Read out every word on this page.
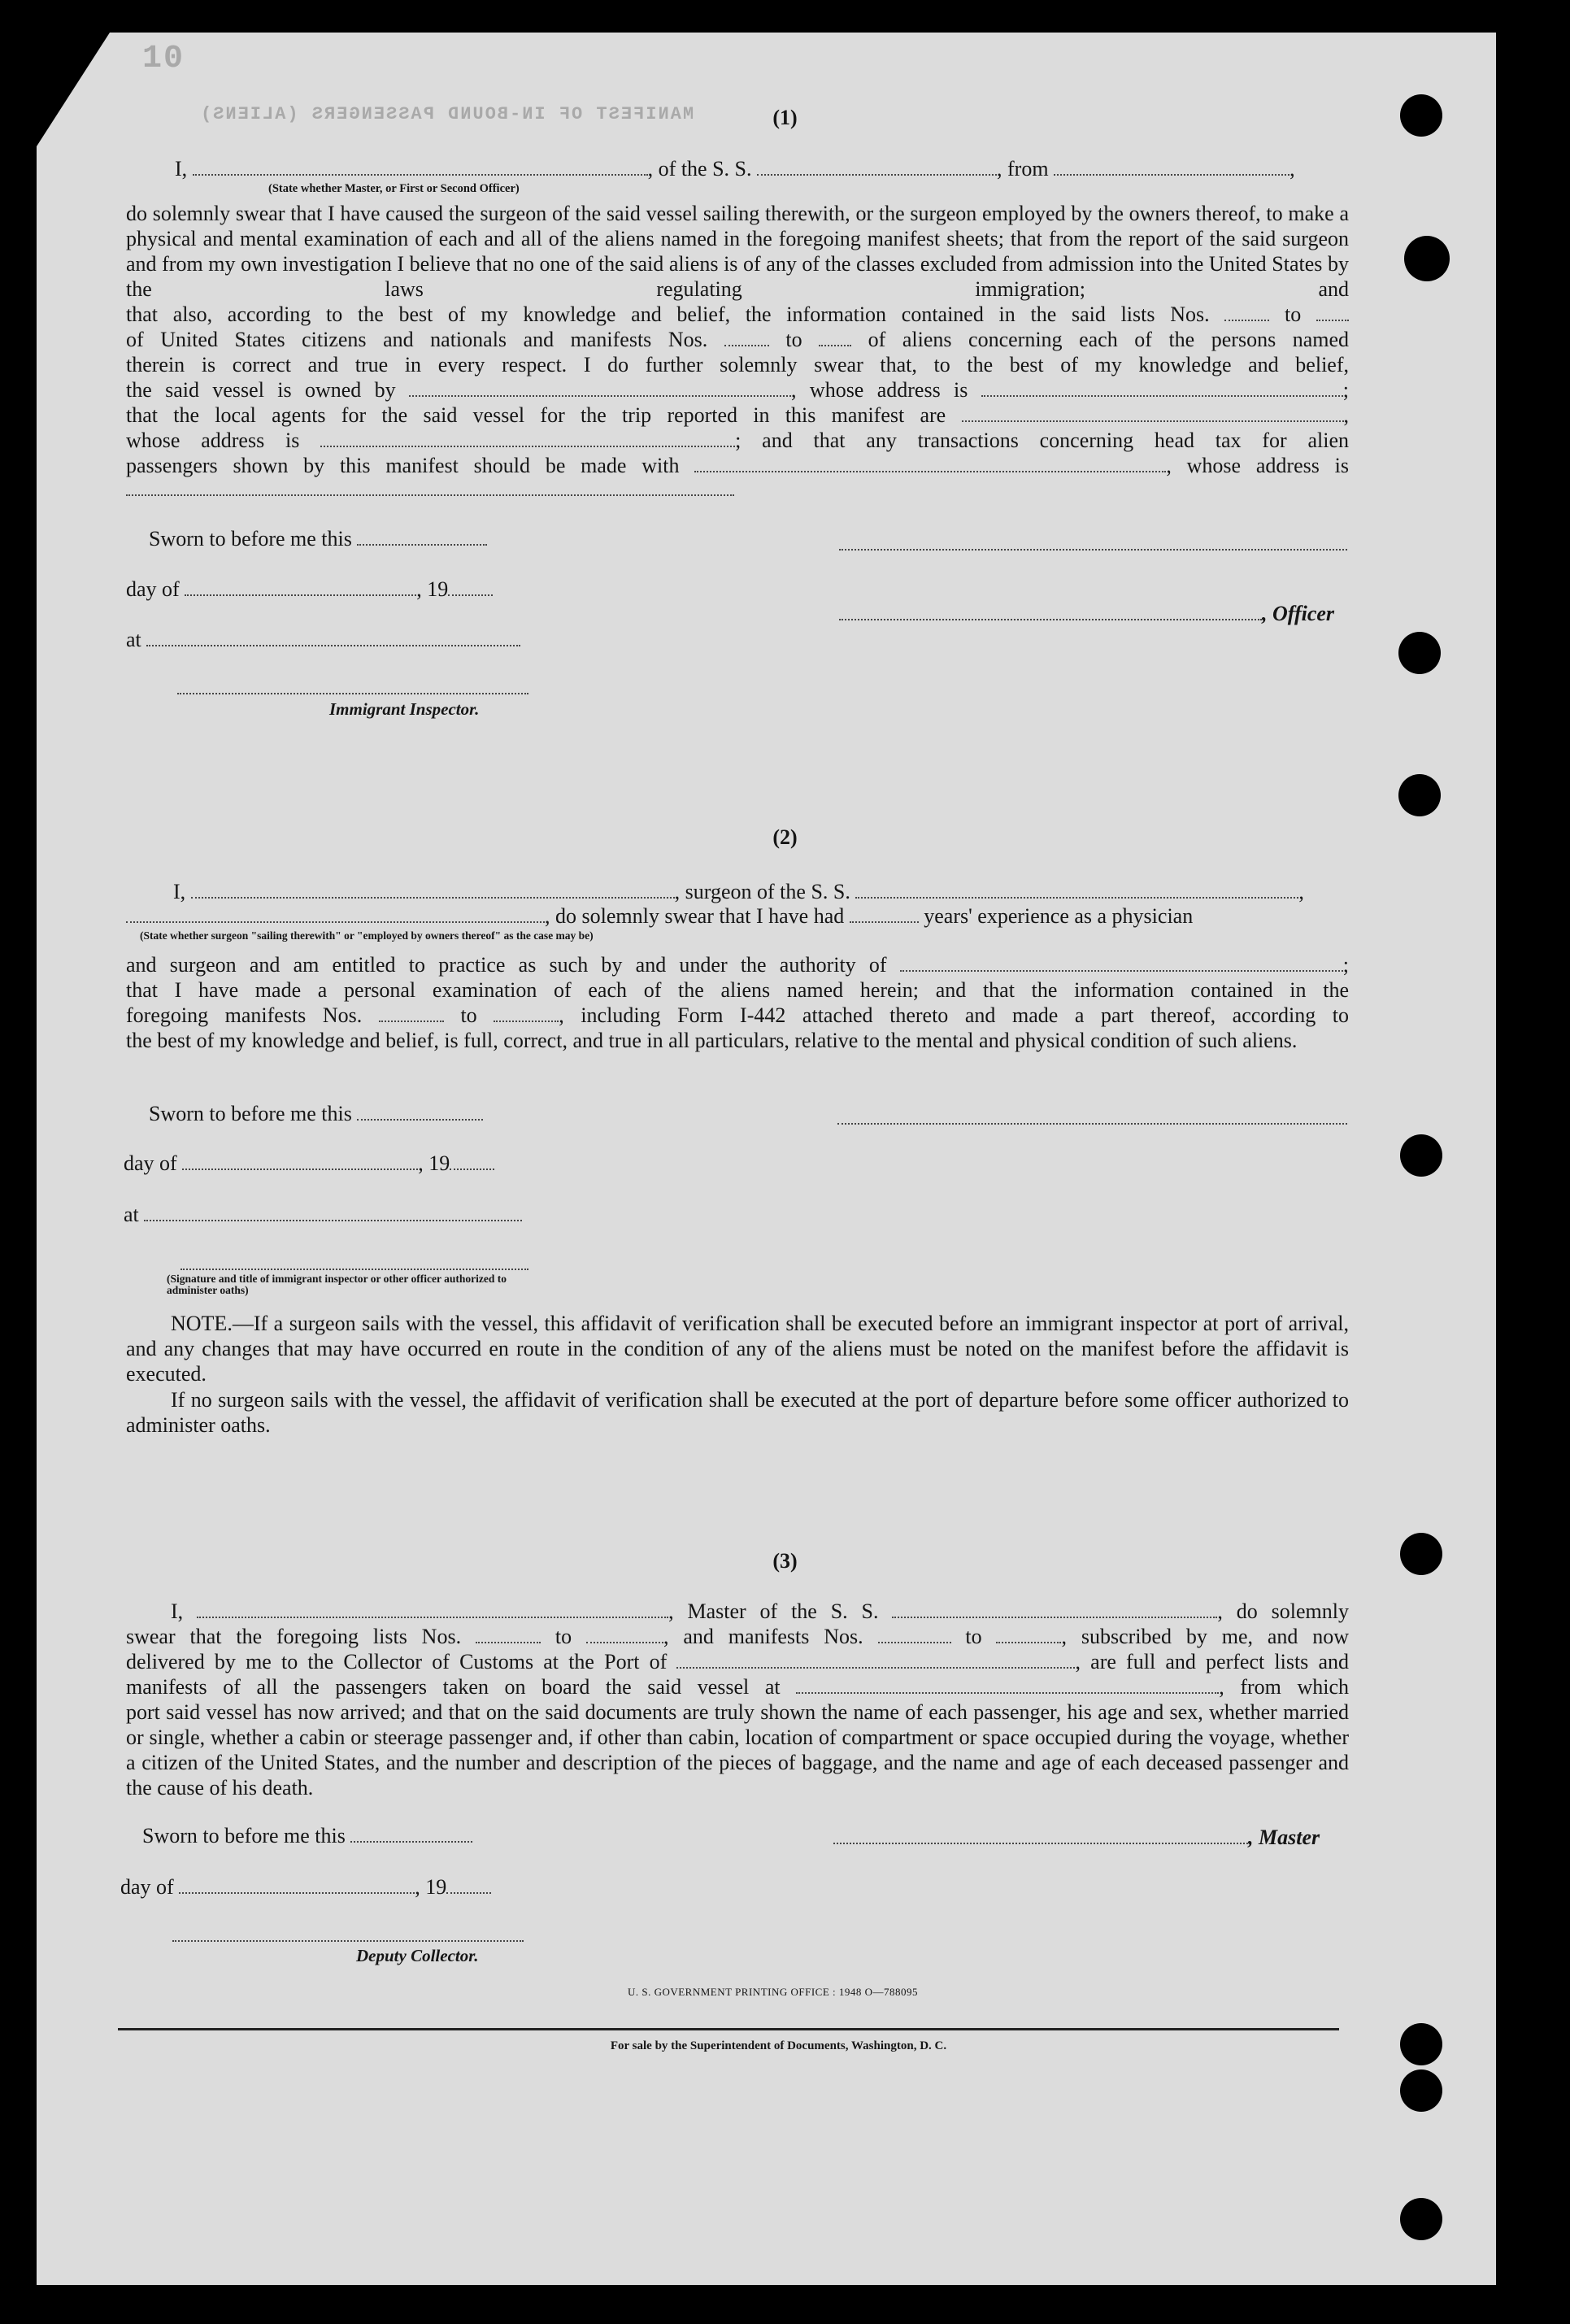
10
MANIFEST OF IN-BOUND PASSENGERS (ALIENS)	(1)
I,	, of the S. S.	, from	,
(State whether Master, or First or Second Officer)
do solemnly swear that I have caused the surgeon of the said vessel sailing therewith, or the surgeon employed by the owners thereof, to make a physical and mental examination of each and all of the aliens named in the foregoing manifest sheets; that from the report of the said surgeon and from my own investigation I believe that no one of the said aliens is of any of the classes excluded from admission into the United States by the laws regulating immigration; and
that also, according to the best of my knowledge and belief, the information contained in the said lists Nos.	to
of United States citizens and nationals and manifests Nos.	to	of aliens concerning each of the persons named
therein is correct and true in every respect. I do further solemnly swear that, to the best of my knowledge and belief,
the said vessel is owned by	, whose address is	;
that the local agents for the said vessel for the trip reported in this manifest are	,
whose address is	; and that any transactions concerning head tax for alien
passengers shown by this manifest should be made with	, whose address is
Sworn to before me this
day of	, 19
, Officer
at
Immigrant Inspector.
(2)
I,	, surgeon of the S. S.	,
, do solemnly swear that I have had	years' experience as a physician
(State whether surgeon "sailing therewith" or "employed by owners thereof" as the case may be)
and surgeon and am entitled to practice as such by and under the authority of	;
that I have made a personal examination of each of the aliens named herein; and that the information contained in the
foregoing manifests Nos.	to	, including Form I-442 attached thereto and made a part thereof, according to
the best of my knowledge and belief, is full, correct, and true in all particulars, relative to the mental and physical condition of such aliens.
Sworn to before me this
day of	, 19
at
(Signature and title of immigrant inspector or other officer authorized to administer oaths)
NOTE.—If a surgeon sails with the vessel, this affidavit of verification shall be executed before an immigrant inspector at port of arrival, and any changes that may have occurred en route in the condition of any of the aliens must be noted on the manifest before the affidavit is executed.
If no surgeon sails with the vessel, the affidavit of verification shall be executed at the port of departure before some officer authorized to administer oaths.
(3)
I,	, Master of the S. S.	, do solemnly
swear that the foregoing lists Nos.	to	, and manifests Nos.	to	, subscribed by me, and now
delivered by me to the Collector of Customs at the Port of	, are full and perfect lists and
manifests of all the passengers taken on board the said vessel at	, from which
port said vessel has now arrived; and that on the said documents are truly shown the name of each passenger, his age and sex, whether married or single, whether a cabin or steerage passenger and, if other than cabin, location of compartment or space occupied during the voyage, whether a citizen of the United States, and the number and description of the pieces of baggage, and the name and age of each deceased passenger and the cause of his death.
Sworn to before me this	, Master
day of	, 19
Deputy Collector.
U. S. GOVERNMENT PRINTING OFFICE : 1948 O—788095
For sale by the Superintendent of Documents, Washington, D. C.
